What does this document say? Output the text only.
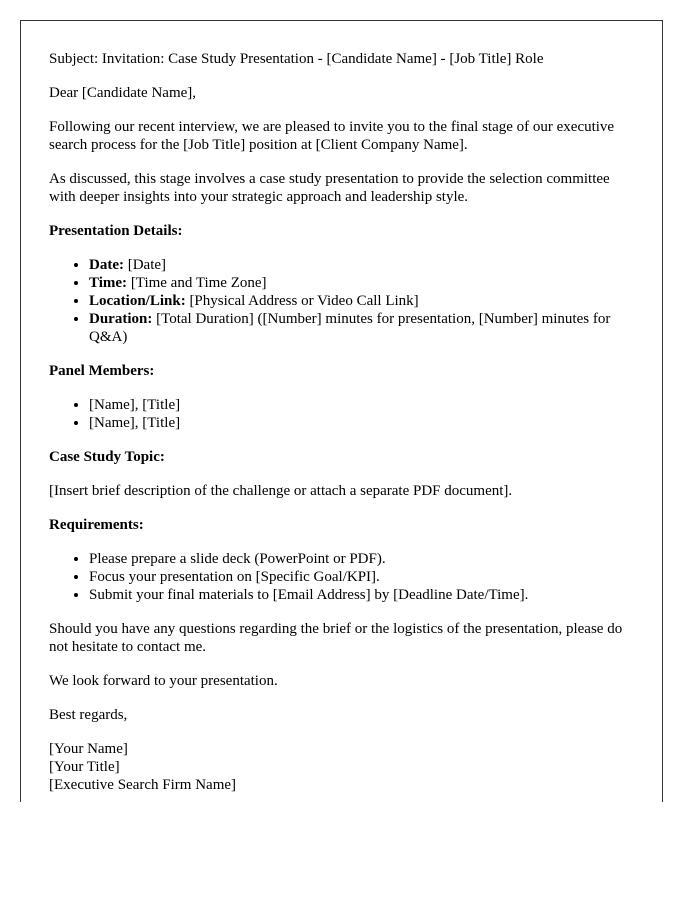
Subject: Invitation: Case Study Presentation - [Candidate Name] - [Job Title] Role

Dear [Candidate Name],

Following our recent interview, we are pleased to invite you to the final stage of our executive search process for the [Job Title] position at [Client Company Name].

As discussed, this stage involves a case study presentation to provide the selection committee with deeper insights into your strategic approach and leadership style.

Presentation Details:

• Date: [Date]
• Time: [Time and Time Zone]
• Location/Link: [Physical Address or Video Call Link]
• Duration: [Total Duration] ([Number] minutes for presentation, [Number] minutes for Q&A)

Panel Members:

• [Name], [Title]
• [Name], [Title]

Case Study Topic:

[Insert brief description of the challenge or attach a separate PDF document].

Requirements:

• Please prepare a slide deck (PowerPoint or PDF).
• Focus your presentation on [Specific Goal/KPI].
• Submit your final materials to [Email Address] by [Deadline Date/Time].

Should you have any questions regarding the brief or the logistics of the presentation, please do not hesitate to contact me.

We look forward to your presentation.

Best regards,

[Your Name]

[Your Title]

[Executive Search Firm Name]
